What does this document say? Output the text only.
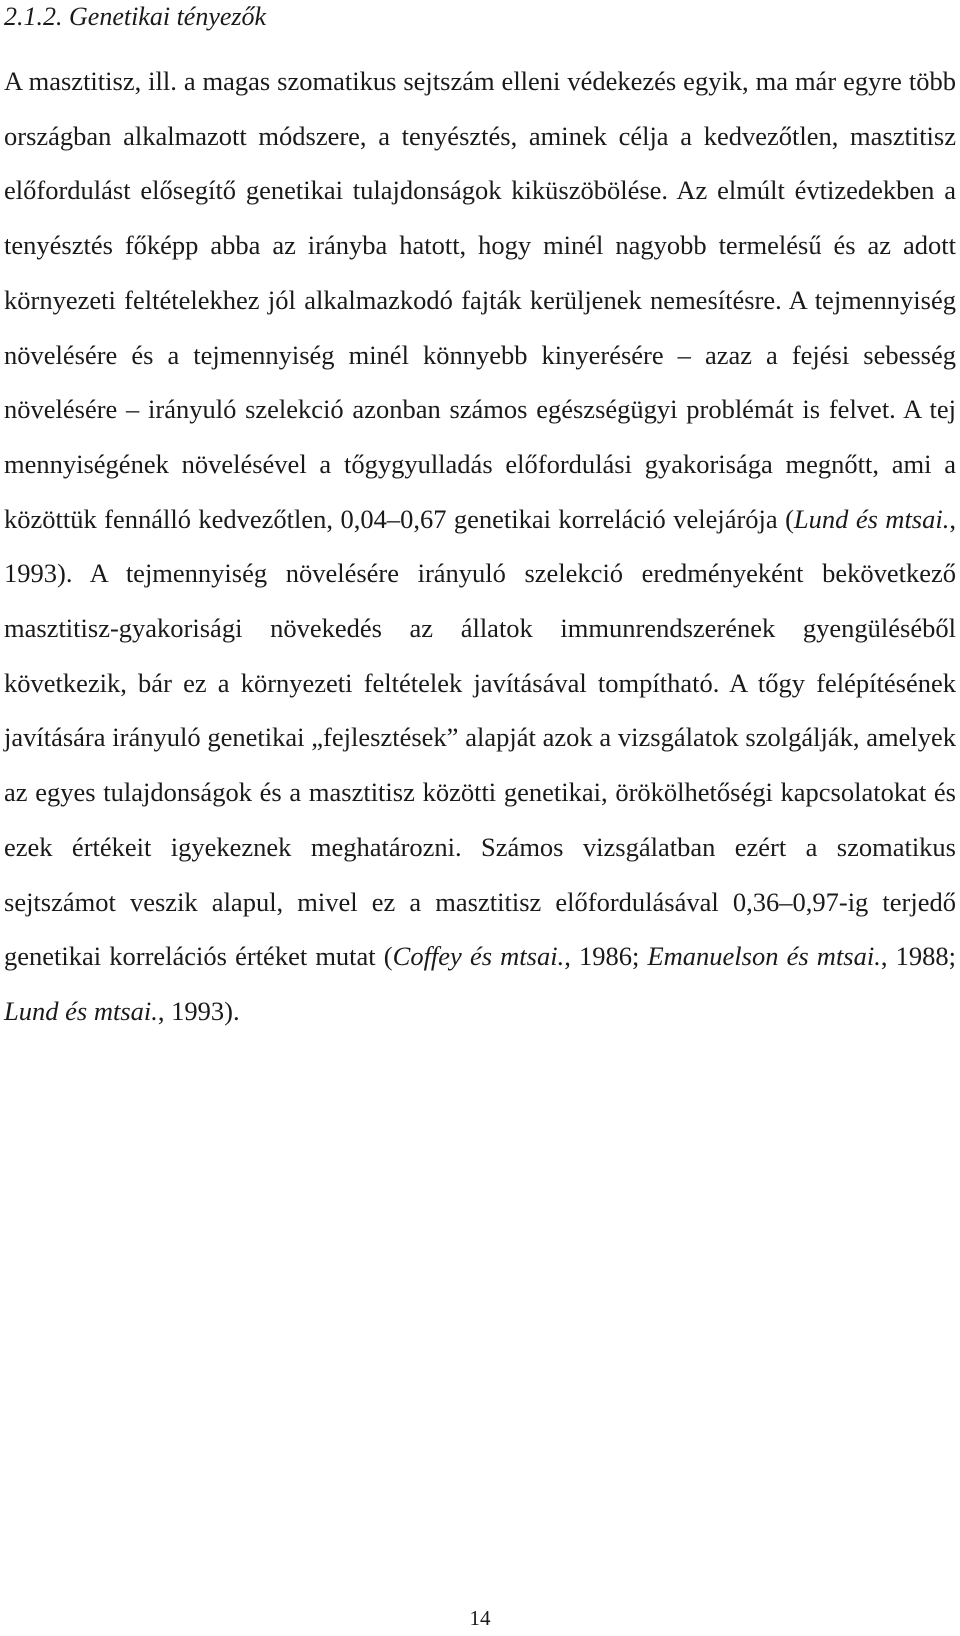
2.1.2. Genetikai tényezők

A masztitisz, ill. a magas szomatikus sejtszám elleni védekezés egyik, ma már egyre több országban alkalmazott módszere, a tenyésztés, aminek célja a kedvezőtlen, masztitisz előfordulást elősegítő genetikai tulajdonságok kiküszöbölése. Az elmúlt évtizedekben a tenyésztés főképp abba az irányba hatott, hogy minél nagyobb termelésű és az adott környezeti feltételekhez jól alkalmazkodó fajták kerüljenek nemesítésre. A tejmennyiség növelésére és a tejmennyiség minél könnyebb kinyerésére – azaz a fejési sebesség növelésére – irányuló szelekció azonban számos egészségügyi problémát is felvet. A tej mennyiségének növelésével a tőgygyulladás előfordulási gyakorisága megnőtt, ami a közöttük fennálló kedvezőtlen, 0,04–0,67 genetikai korreláció velejárója (Lund és mtsai., 1993). A tejmennyiség növelésére irányuló szelekció eredményeként bekövetkező masztitisz-gyakorisági növekedés az állatok immunrendszerének gyengüléséből következik, bár ez a környezeti feltételek javításával tompítható. A tőgy felépítésének javítására irányuló genetikai „fejlesztések” alapját azok a vizsgálatok szolgálják, amelyek az egyes tulajdonságok és a masztitisz közötti genetikai, örökölhetőségi kapcsolatokat és ezek értékeit igyekeznek meghatározni. Számos vizsgálatban ezért a szomatikus sejtszámot veszik alapul, mivel ez a masztitisz előfordulásával 0,36–0,97-ig terjedő genetikai korrelációs értéket mutat (Coffey és mtsai., 1986; Emanuelson és mtsai., 1988; Lund és mtsai., 1993).

14
